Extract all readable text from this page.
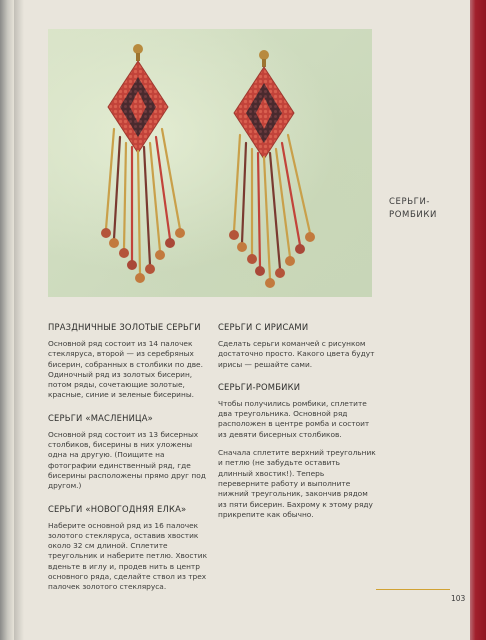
СЕРЬГИ-
РОМБИКИ
ПРАЗДНИЧНЫЕ ЗОЛОТЫЕ СЕРЬГИ
Основной ряд состоит из 14 палочек стекляруса, второй — из серебряных бисерин, собранных в столбики по две. Одиночный ряд из золотых бисерин, потом ряды, сочетающие золотые, красные, синие и зеленые бисерины.
СЕРЬГИ «МАСЛЕНИЦА»
Основной ряд состоит из 13 бисерных столбиков, бисерины в них уложены одна на другую. (Поищите на фотографии единственный ряд, где бисерины расположены прямо друг под другом.)
СЕРЬГИ «НОВОГОДНЯЯ ЕЛКА»
Наберите основной ряд из 16 палочек золотого стеклярусa, оставив хвостик около 32 см длиной. Сплетите треугольник и наберите петлю. Хвостик вденьте в иглу и, продев нить в центр основного ряда, сделайте ствол из трех палочек золотого стеклярусa.
СЕРЬГИ С ИРИСАМИ
Сделать серьги команчей с рисунком достаточно просто. Какого цвета будут ирисы — решайте сами.
СЕРЬГИ-РОМБИКИ
Чтобы получились ромбики, сплетите два треугольника. Основной ряд расположен в центре ромба и состоит из девяти бисерных столбиков.
Сначала сплетите верхний треугольник и петлю (не забудьте оставить длинный хвостик!). Теперь переверните работу и выполните нижний треугольник, закончив рядом из пяти бисерин. Бахрому к этому ряду прикрепите как обычно.
103
